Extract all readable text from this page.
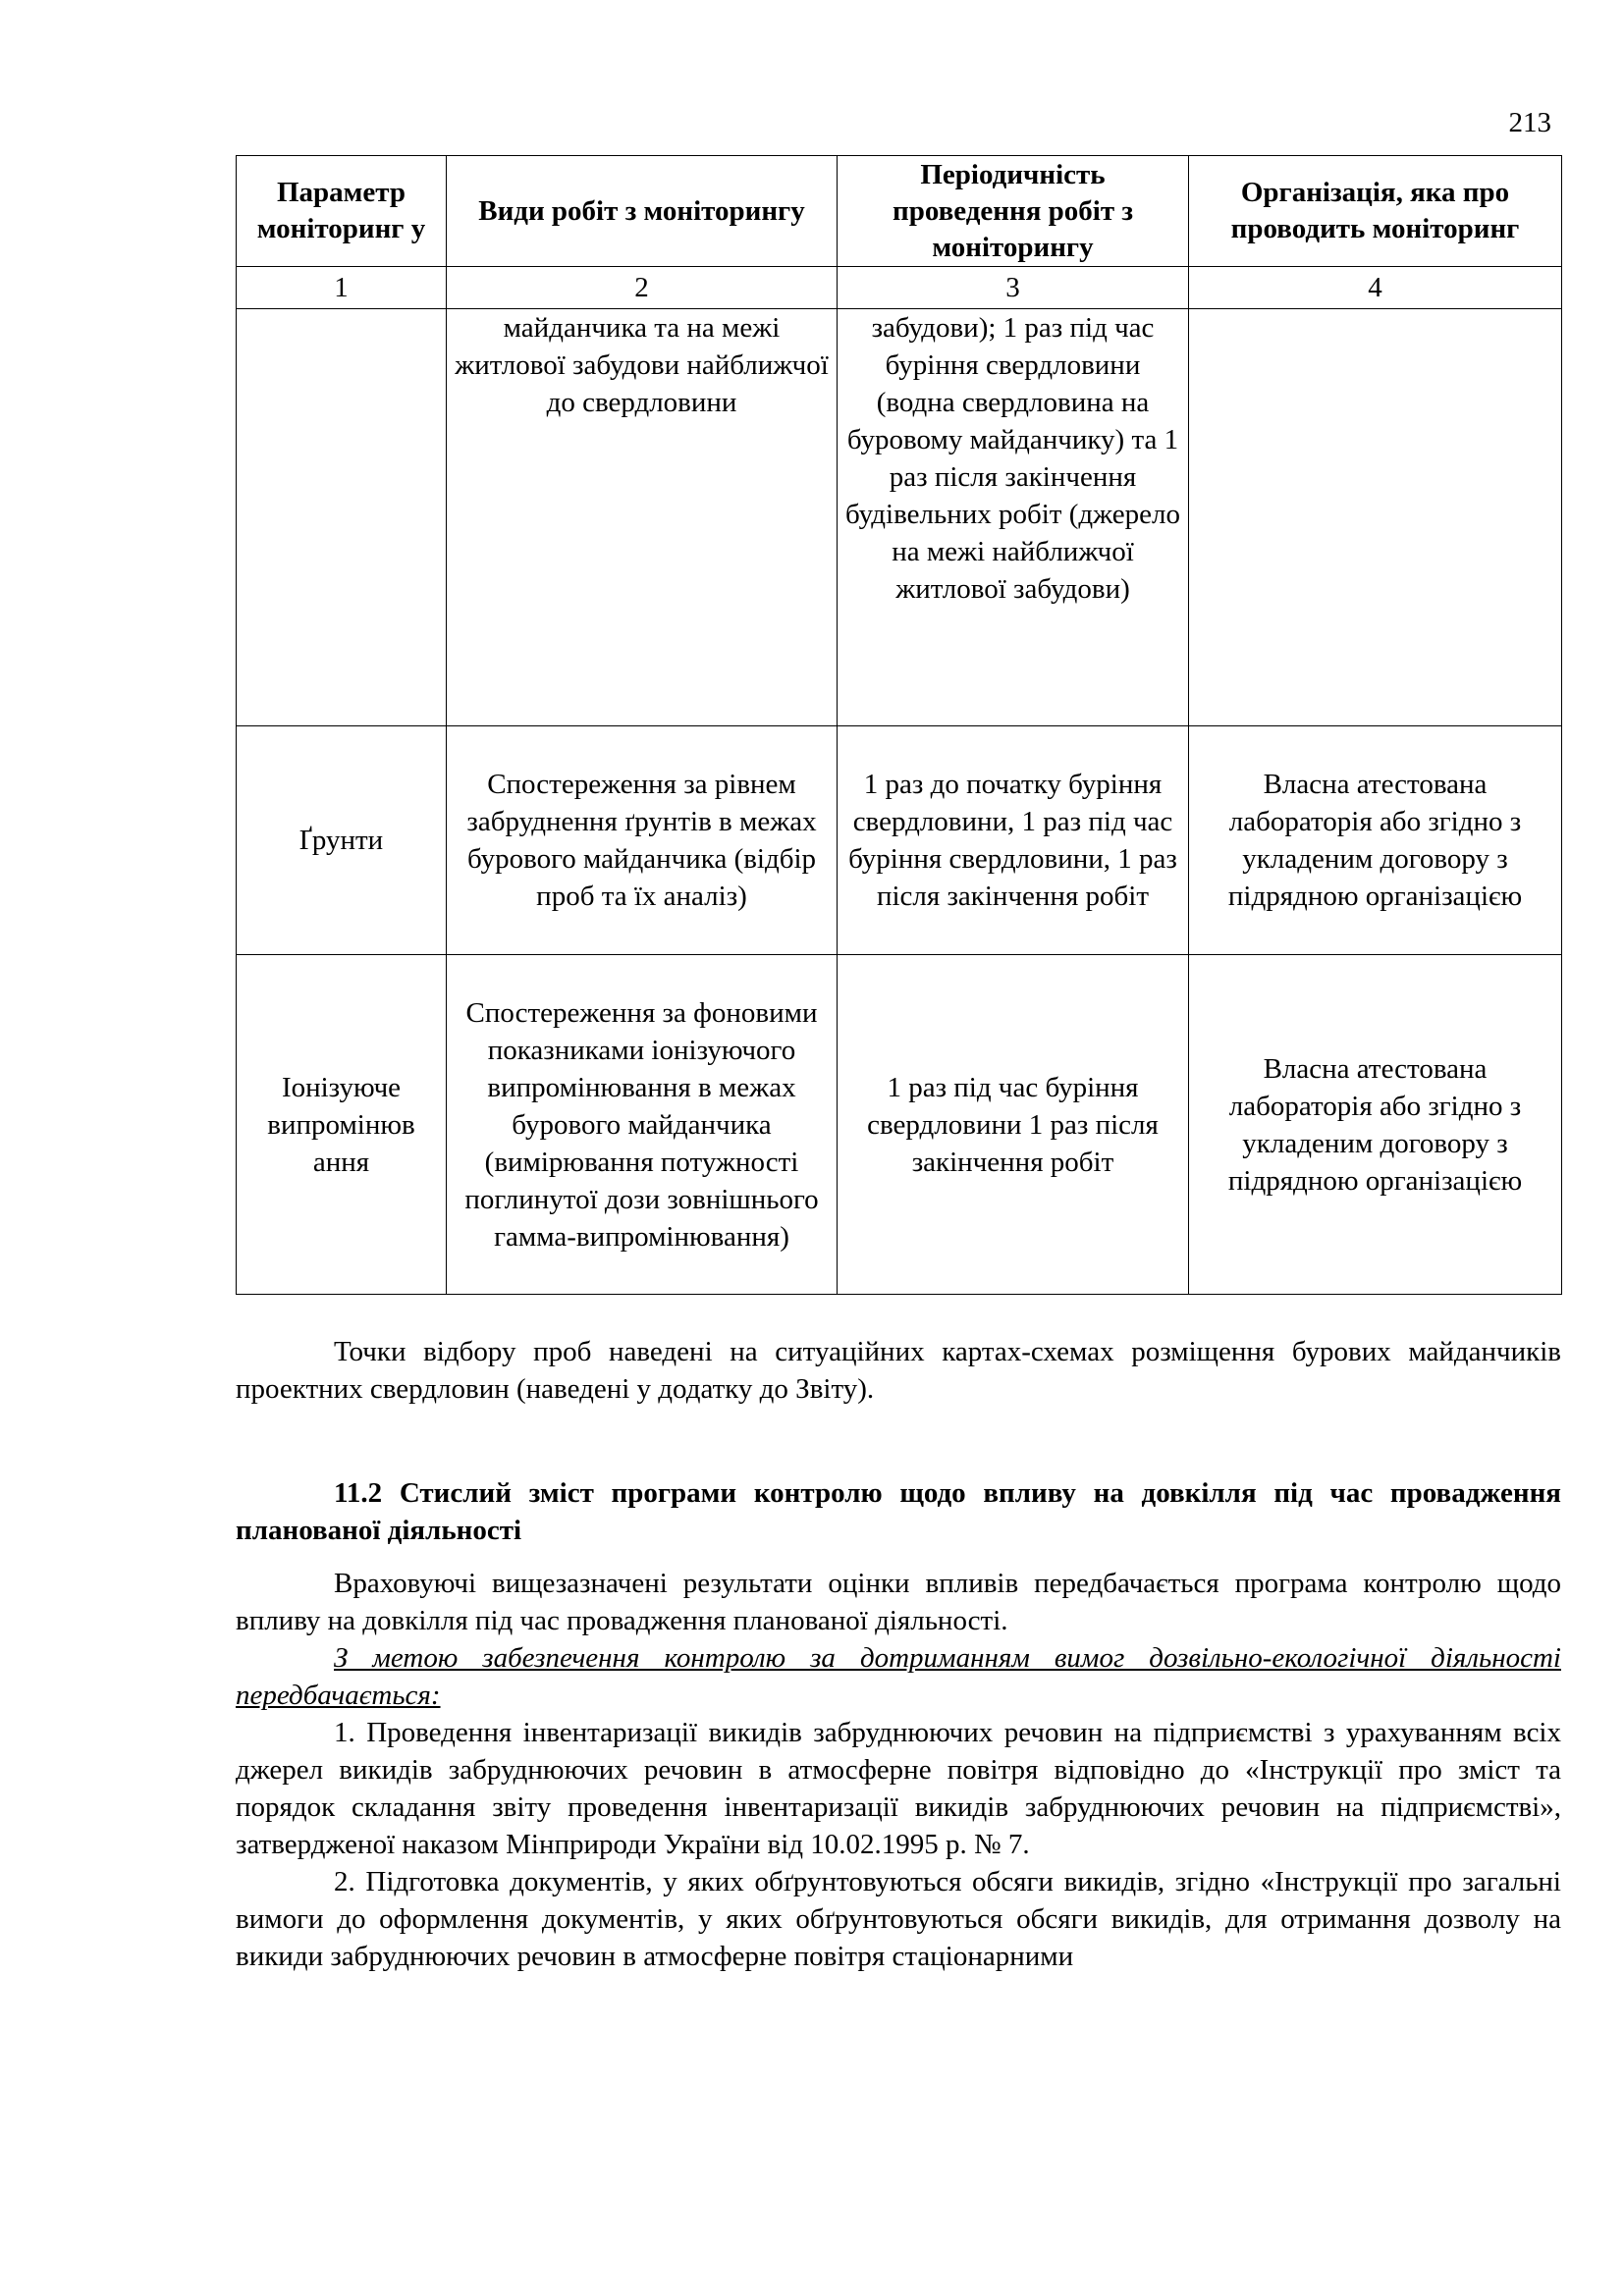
213
Параметр моніторинг у	Види робіт з моніторингу	Періодичність проведення робіт з моніторингу	Організація, яка про проводить моніторинг
1	2	3	4
	майданчика та на межі житлової забудови найближчої до свердловини	забудови); 1 раз під час буріння свердловини (водна свердловина на буровому майданчику) та 1 раз після закінчення будівельних робіт (джерело на межі найближчої житлової забудови)	
Ґрунти	Спостереження за рівнем забруднення ґрунтів в межах бурового майданчика (відбір проб та їх аналіз)	1 раз до початку буріння свердловини, 1 раз під час буріння свердловини, 1 раз після закінчення робіт	Власна атестована лабораторія або згідно з укладеним договору з підрядною організацією
Іонізуюче випромінюв ання	Спостереження за фоновими показниками іонізуючого випромінювання в межах бурового майданчика (вимірювання потужності поглинутої дози зовнішнього гамма-випромінювання)	1 раз під час буріння свердловини 1 раз після закінчення робіт	Власна атестована лабораторія або згідно з укладеним договору з підрядною організацією

Точки відбору проб наведені на ситуаційних картах-схемах розміщення бурових майданчиків проектних свердловин (наведені у додатку до Звіту).

11.2 Стислий зміст програми контролю щодо впливу на довкілля під час провадження планованої діяльності

Враховуючі вищезазначені результати оцінки впливів передбачається програма контролю щодо впливу на довкілля під час провадження планованої діяльності.

З метою забезпечення контролю за дотриманням вимог дозвільно-екологічної діяльності передбачається:

1. Проведення інвентаризації викидів забруднюючих речовин на підприємстві з урахуванням всіх джерел викидів забруднюючих речовин в атмосферне повітря відповідно до «Інструкції про зміст та порядок складання звіту проведення інвентаризації викидів забруднюючих речовин на підприємстві», затвердженої наказом Мінприроди України від 10.02.1995 р. № 7.

2. Підготовка документів, у яких обґрунтовуються обсяги викидів, згідно «Інструкції про загальні вимоги до оформлення документів, у яких обґрунтовуються обсяги викидів, для отримання дозволу на викиди забруднюючих речовин в атмосферне повітря стаціонарними
